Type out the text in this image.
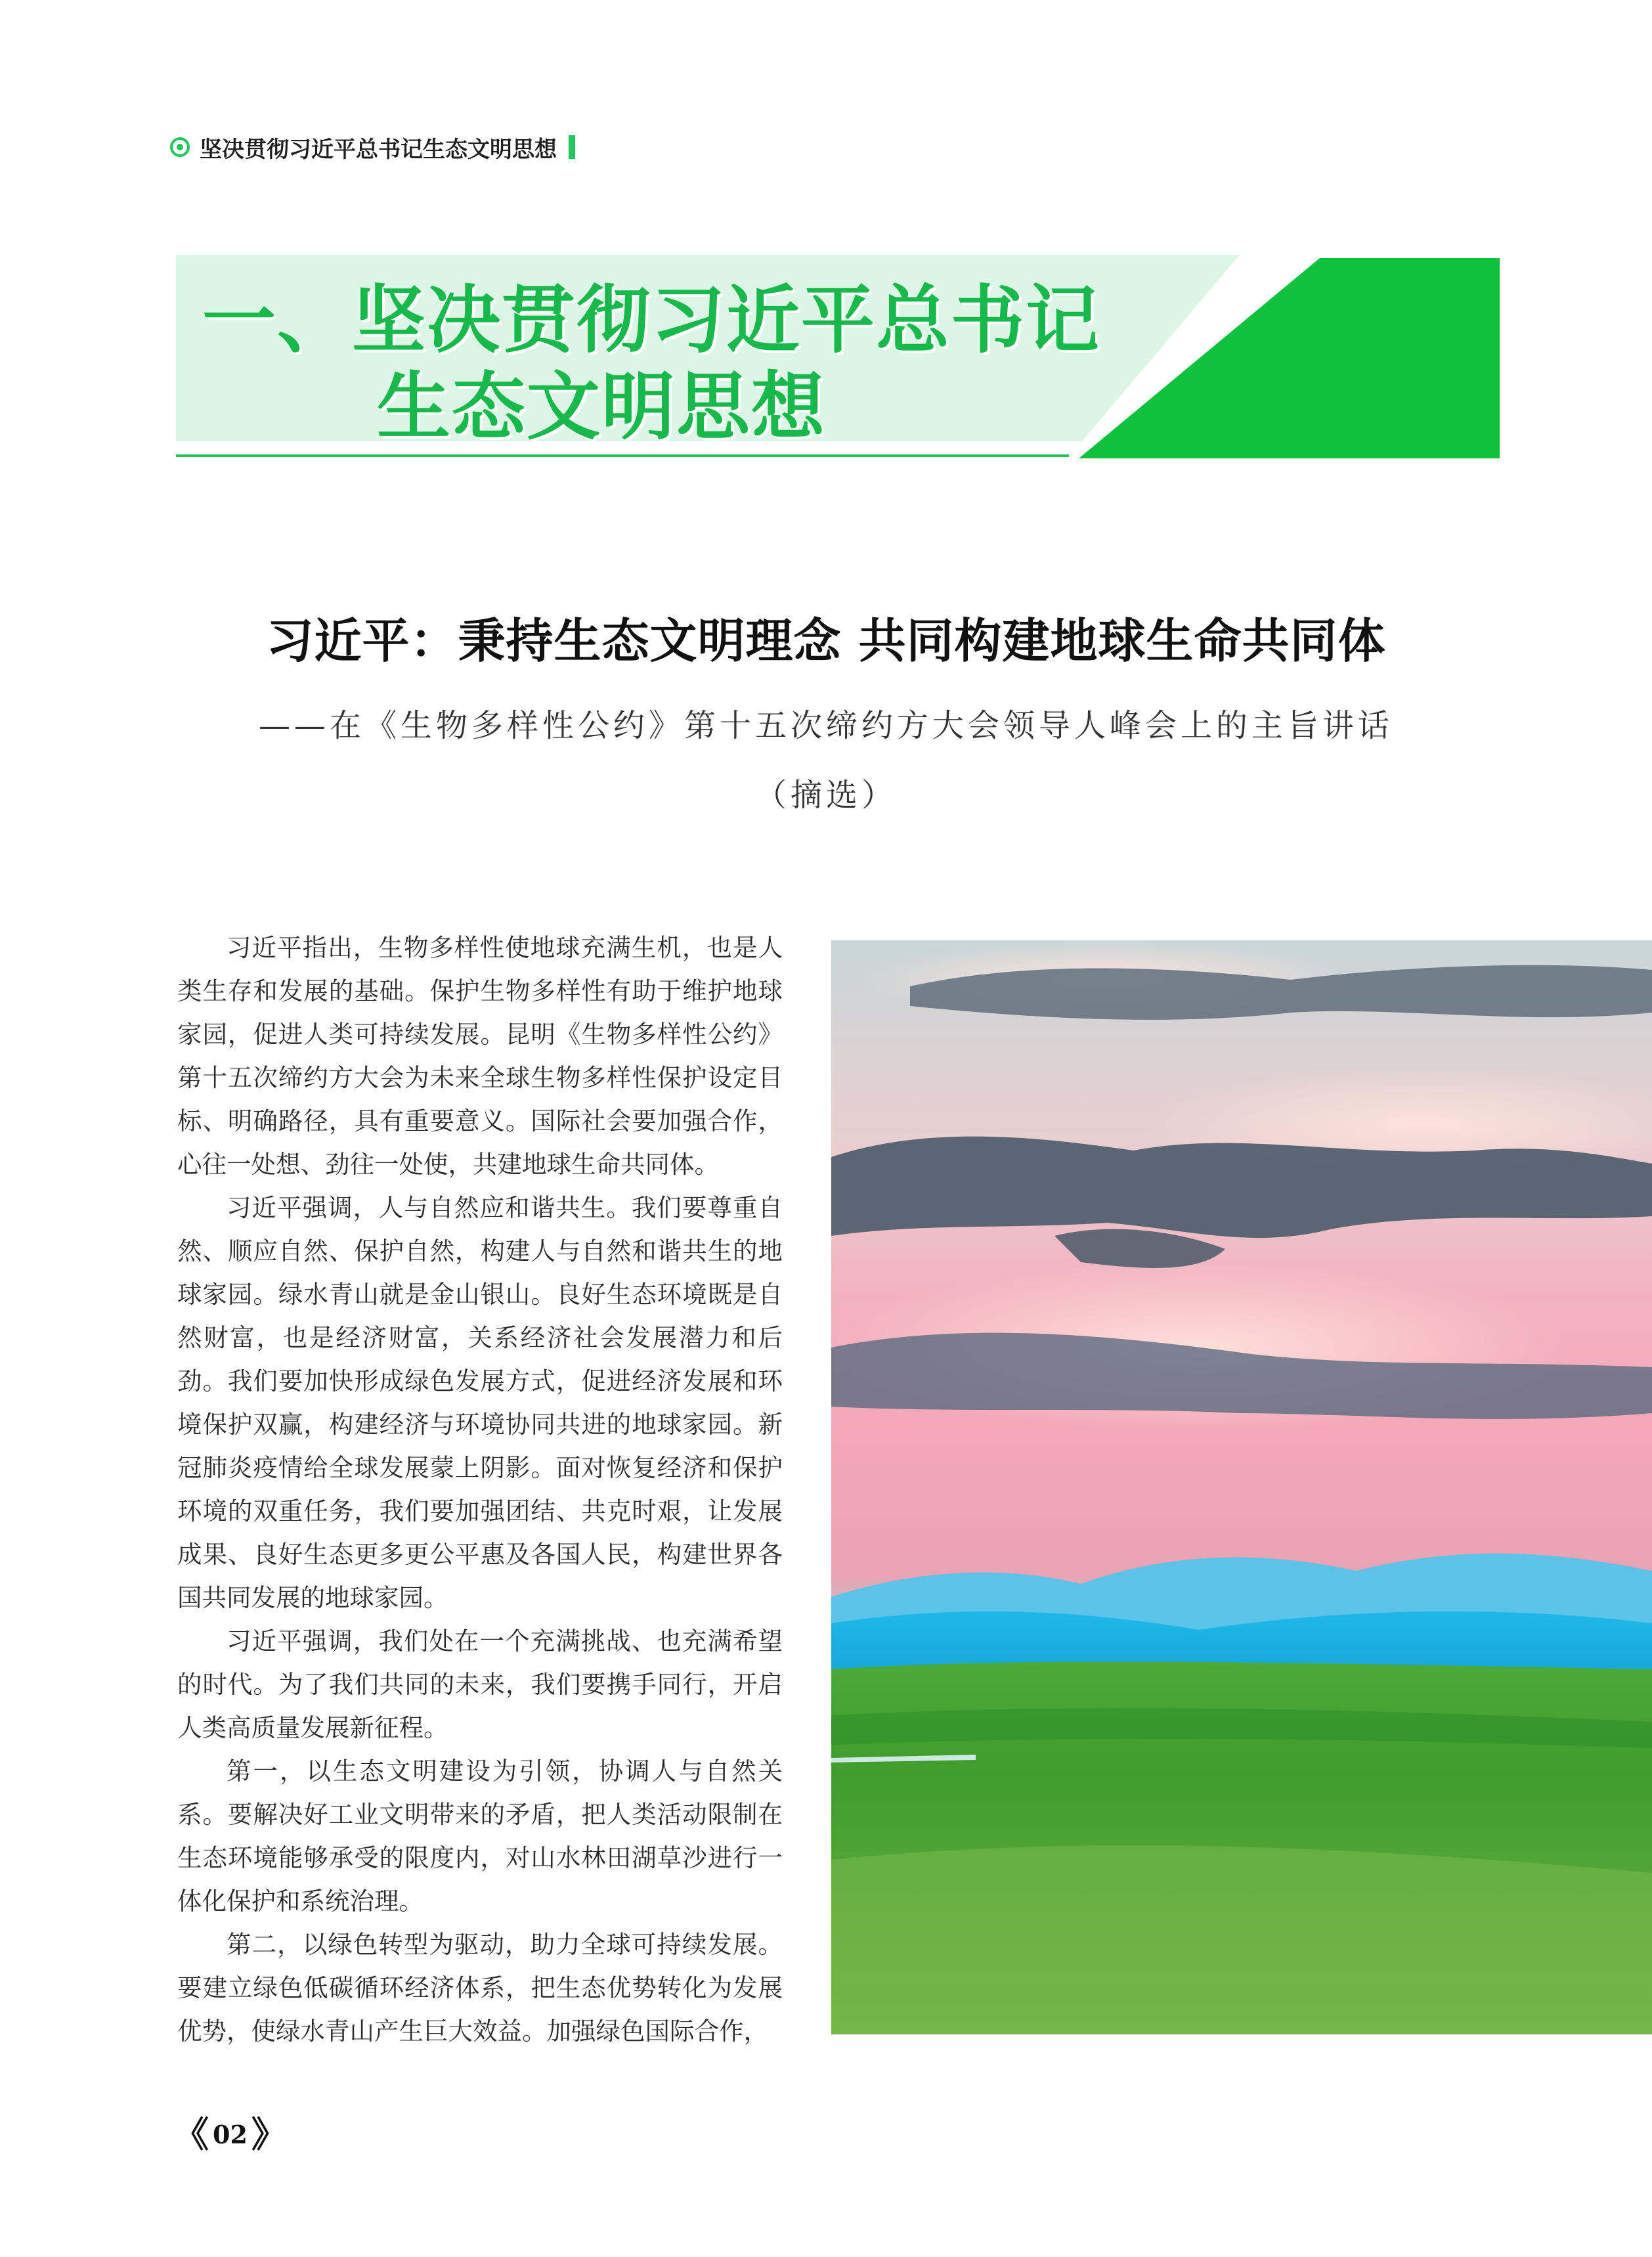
坚决贯彻习近平总书记生态文明思想
一、坚决贯彻习近平总书记
生态文明思想
习近平：秉持生态文明理念 共同构建地球生命共同体
——在《生物多样性公约》第十五次缔约方大会领导人峰会上的主旨讲话
（摘选）

习近平指出，生物多样性使地球充满生机，也是人类生存和发展的基础。保护生物多样性有助于维护地球家园，促进人类可持续发展。昆明《生物多样性公约》第十五次缔约方大会为未来全球生物多样性保护设定目标、明确路径，具有重要意义。国际社会要加强合作，心往一处想、劲往一处使，共建地球生命共同体。

习近平强调，人与自然应和谐共生。我们要尊重自然、顺应自然、保护自然，构建人与自然和谐共生的地球家园。绿水青山就是金山银山。良好生态环境既是自然财富，也是经济财富，关系经济社会发展潜力和后劲。我们要加快形成绿色发展方式，促进经济发展和环境保护双赢，构建经济与环境协同共进的地球家园。新冠肺炎疫情给全球发展蒙上阴影。面对恢复经济和保护环境的双重任务，我们要加强团结、共克时艰，让发展成果、良好生态更多更公平惠及各国人民，构建世界各国共同发展的地球家园。

习近平强调，我们处在一个充满挑战、也充满希望的时代。为了我们共同的未来，我们要携手同行，开启人类高质量发展新征程。

第一，以生态文明建设为引领，协调人与自然关系。要解决好工业文明带来的矛盾，把人类活动限制在生态环境能够承受的限度内，对山水林田湖草沙进行一体化保护和系统治理。

第二，以绿色转型为驱动，助力全球可持续发展。要建立绿色低碳循环经济体系，把生态优势转化为发展优势，使绿水青山产生巨大效益。加强绿色国际合作，

《 02 》
